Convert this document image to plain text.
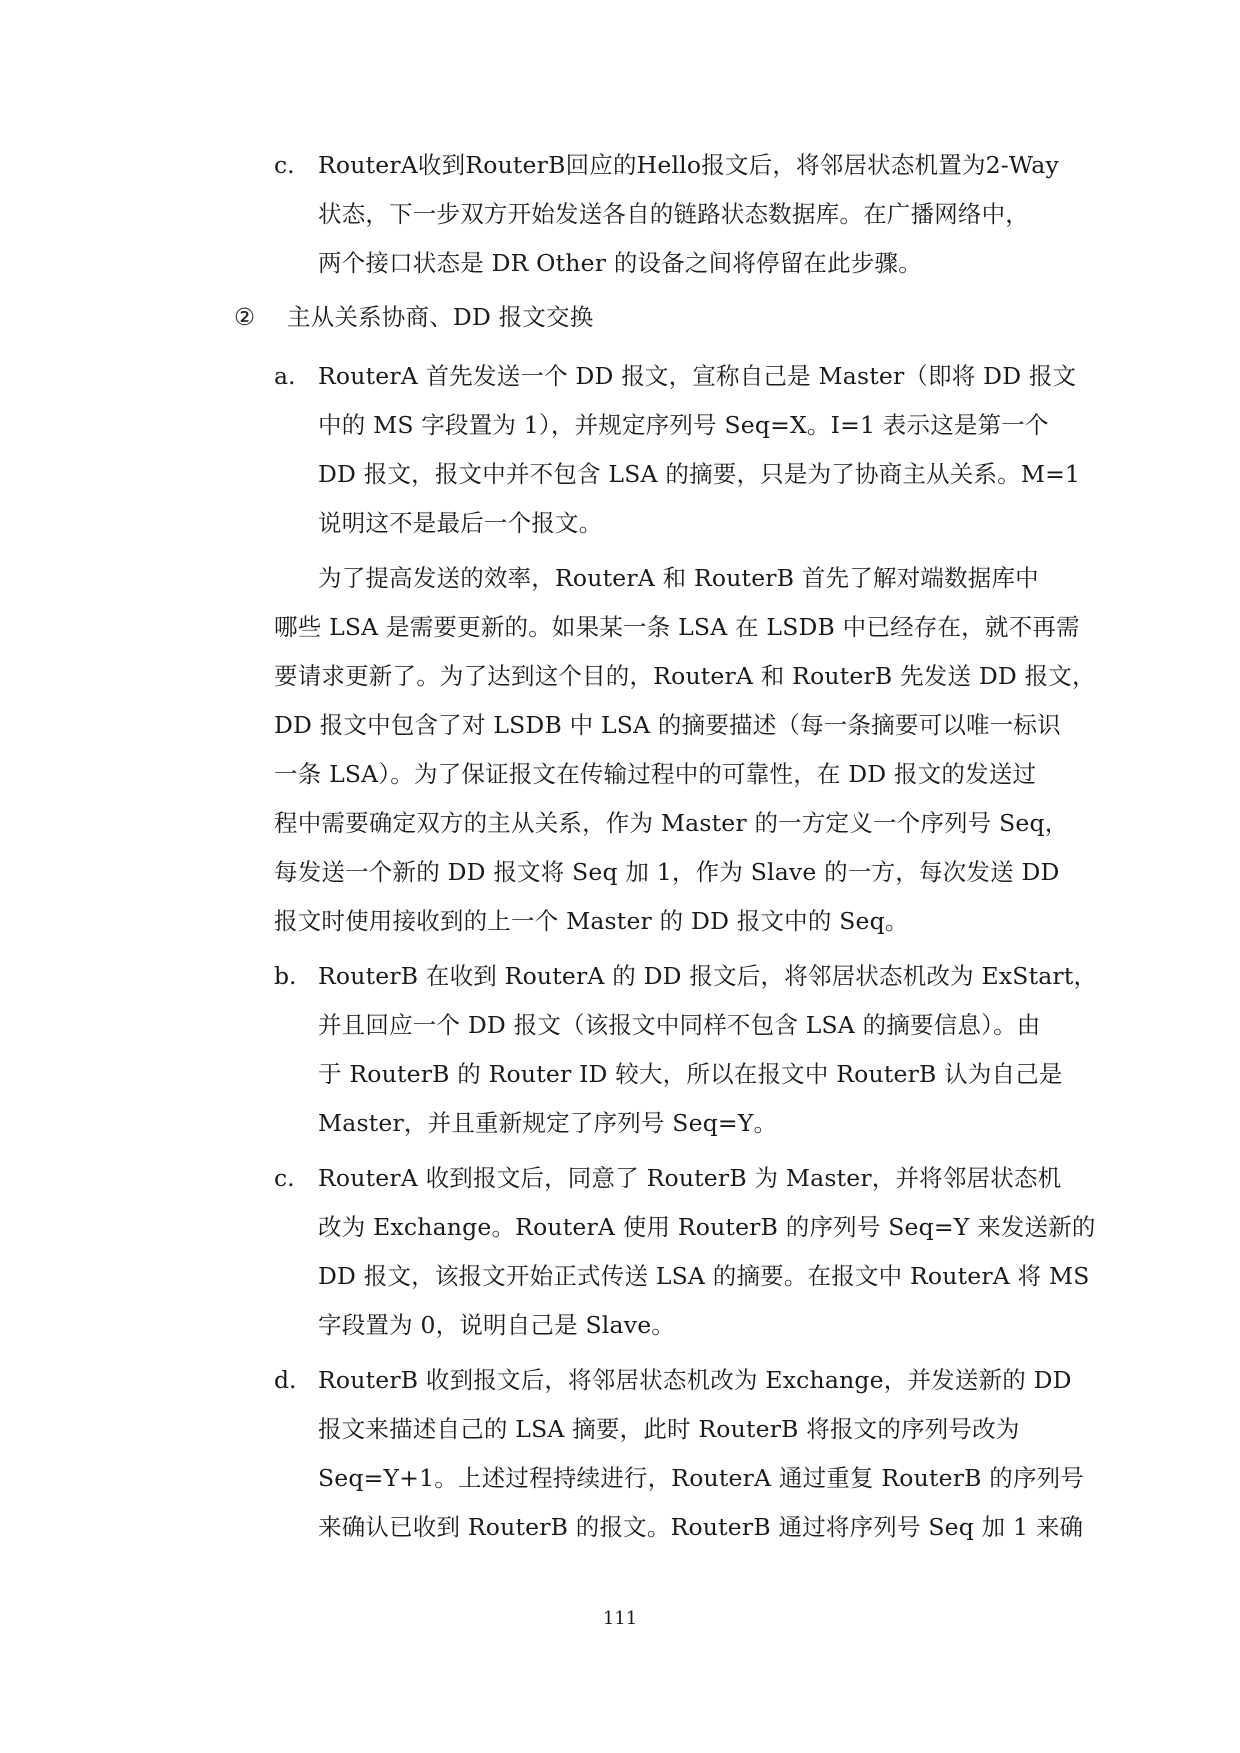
c. RouterA收到RouterB回应的Hello报文后，将邻居状态机置为2-Way
状态，下一步双方开始发送各自的链路状态数据库。在广播网络中，
两个接口状态是 DR Other 的设备之间将停留在此步骤。
② 主从关系协商、DD 报文交换
a. RouterA 首先发送一个 DD 报文，宣称自己是 Master（即将 DD 报文
中的 MS 字段置为 1），并规定序列号 Seq=X。I=1 表示这是第一个
DD 报文，报文中并不包含 LSA 的摘要，只是为了协商主从关系。M=1
说明这不是最后一个报文。
为了提高发送的效率，RouterA 和 RouterB 首先了解对端数据库中
哪些 LSA 是需要更新的。如果某一条 LSA 在 LSDB 中已经存在，就不再需
要请求更新了。为了达到这个目的，RouterA 和 RouterB 先发送 DD 报文，
DD 报文中包含了对 LSDB 中 LSA 的摘要描述（每一条摘要可以唯一标识
一条 LSA）。为了保证报文在传输过程中的可靠性，在 DD 报文的发送过
程中需要确定双方的主从关系，作为 Master 的一方定义一个序列号 Seq，
每发送一个新的 DD 报文将 Seq 加 1，作为 Slave 的一方，每次发送 DD
报文时使用接收到的上一个 Master 的 DD 报文中的 Seq。
b. RouterB 在收到 RouterA 的 DD 报文后，将邻居状态机改为 ExStart，
并且回应一个 DD 报文（该报文中同样不包含 LSA 的摘要信息）。由
于 RouterB 的 Router ID 较大，所以在报文中 RouterB 认为自己是
Master，并且重新规定了序列号 Seq=Y。
c. RouterA 收到报文后，同意了 RouterB 为 Master，并将邻居状态机
改为 Exchange。RouterA 使用 RouterB 的序列号 Seq=Y 来发送新的
DD 报文，该报文开始正式传送 LSA 的摘要。在报文中 RouterA 将 MS
字段置为 0，说明自己是 Slave。
d. RouterB 收到报文后，将邻居状态机改为 Exchange，并发送新的 DD
报文来描述自己的 LSA 摘要，此时 RouterB 将报文的序列号改为
Seq=Y+1。上述过程持续进行，RouterA 通过重复 RouterB 的序列号
来确认已收到 RouterB 的报文。RouterB 通过将序列号 Seq 加 1 来确
111
